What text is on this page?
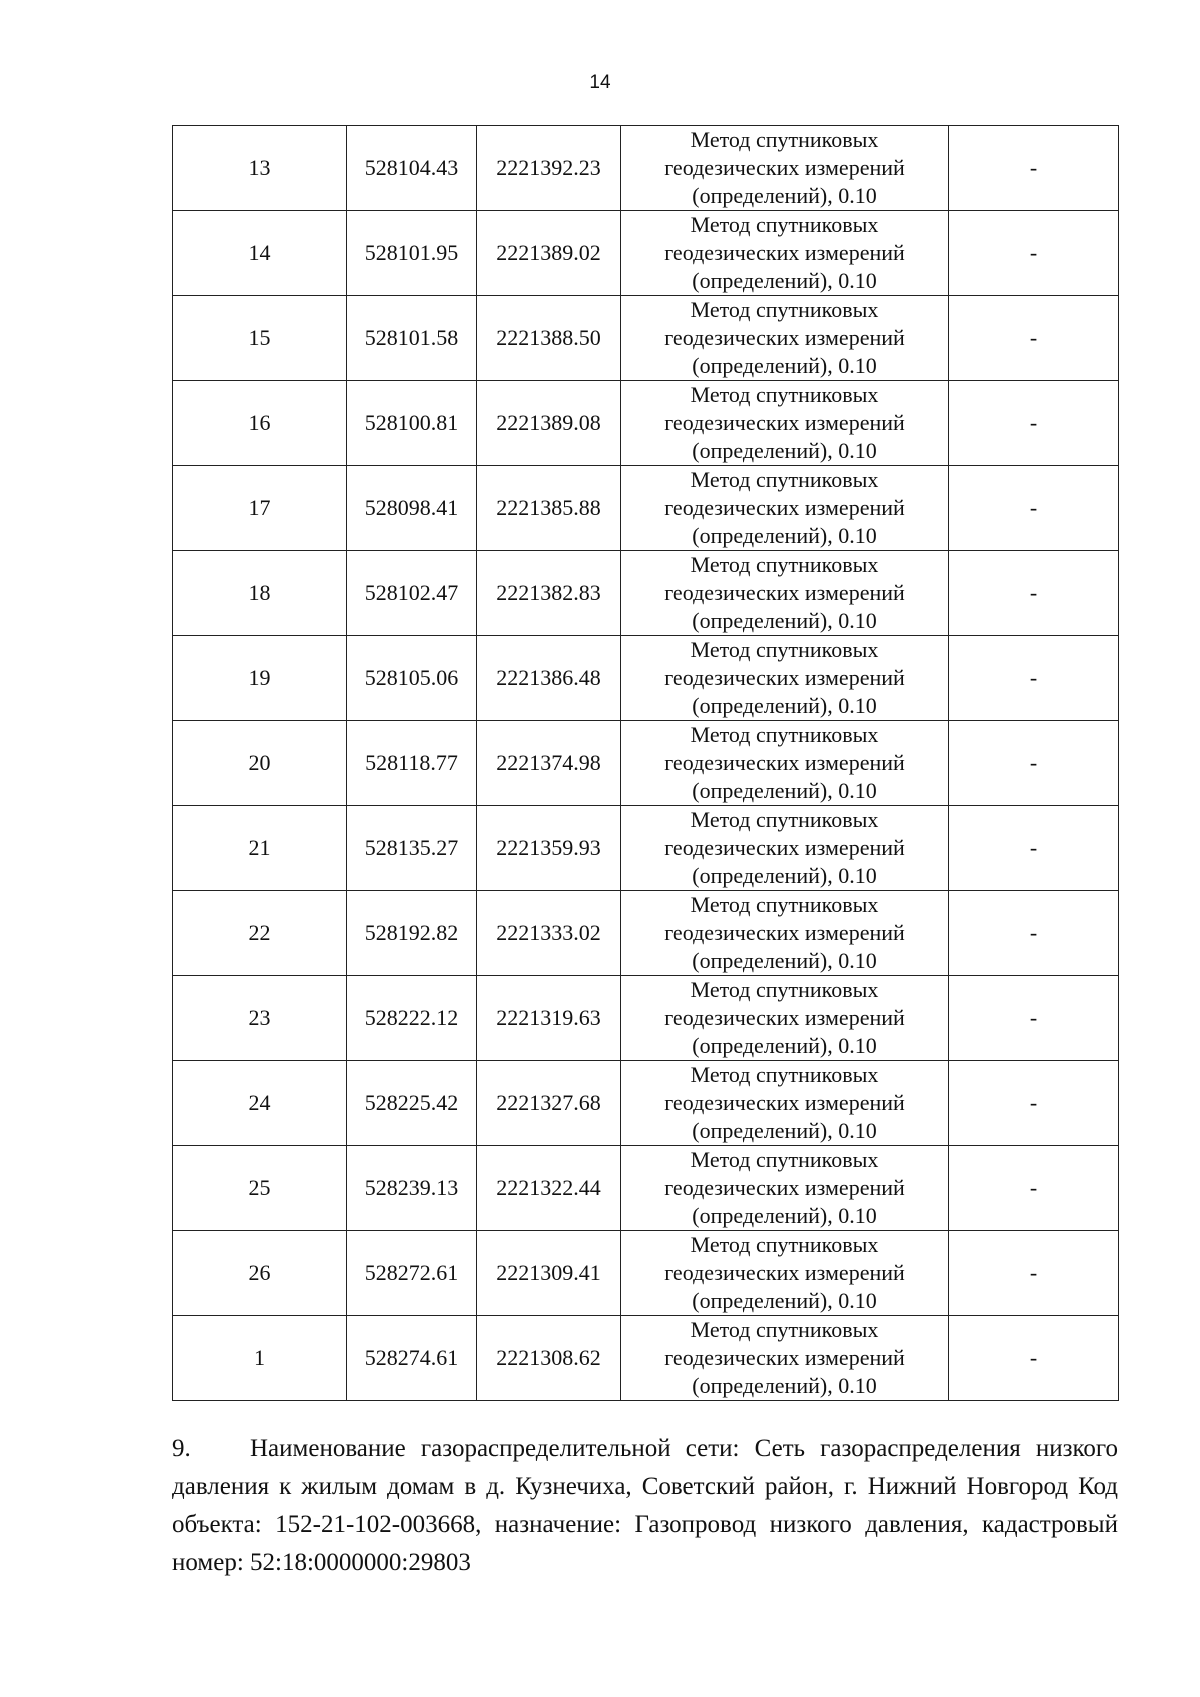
14
13	528104.43	2221392.23	Метод спутниковых
геодезических измерений
(определений), 0.10	-
14	528101.95	2221389.02	Метод спутниковых
геодезических измерений
(определений), 0.10	-
15	528101.58	2221388.50	Метод спутниковых
геодезических измерений
(определений), 0.10	-
16	528100.81	2221389.08	Метод спутниковых
геодезических измерений
(определений), 0.10	-
17	528098.41	2221385.88	Метод спутниковых
геодезических измерений
(определений), 0.10	-
18	528102.47	2221382.83	Метод спутниковых
геодезических измерений
(определений), 0.10	-
19	528105.06	2221386.48	Метод спутниковых
геодезических измерений
(определений), 0.10	-
20	528118.77	2221374.98	Метод спутниковых
геодезических измерений
(определений), 0.10	-
21	528135.27	2221359.93	Метод спутниковых
геодезических измерений
(определений), 0.10	-
22	528192.82	2221333.02	Метод спутниковых
геодезических измерений
(определений), 0.10	-
23	528222.12	2221319.63	Метод спутниковых
геодезических измерений
(определений), 0.10	-
24	528225.42	2221327.68	Метод спутниковых
геодезических измерений
(определений), 0.10	-
25	528239.13	2221322.44	Метод спутниковых
геодезических измерений
(определений), 0.10	-
26	528272.61	2221309.41	Метод спутниковых
геодезических измерений
(определений), 0.10	-
1	528274.61	2221308.62	Метод спутниковых
геодезических измерений
(определений), 0.10	-
9. Наименование газораспределительной сети: Сеть газораспределения низкого давления к жилым домам в д. Кузнечиха, Советский район, г. Нижний Новгород Код объекта: 152-21-102-003668, назначение: Газопровод низкого давления, кадастровый номер: 52:18:0000000:29803
